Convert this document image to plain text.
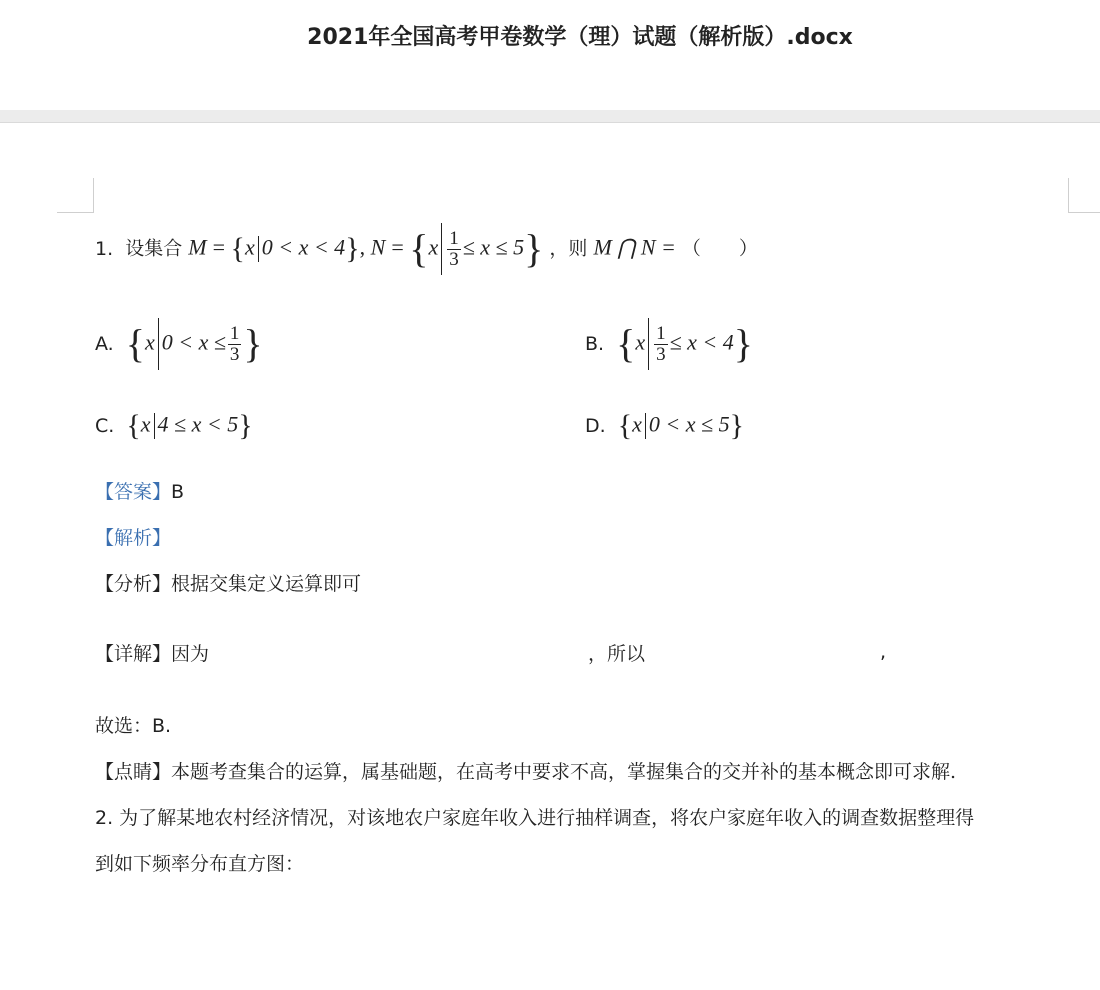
2021年全国高考甲卷数学（理）试题（解析版）.docx
1. 设集合 M = {x 0 < x < 4}, $N = \{x \frac{1}{3} \le x \le 5\}$ ，则 M ⋂ N = （　　）
A. {x $0 < x \le \frac{1}{3}$ }	B. $\{x \frac{1}{3} \le x < 4\}$
C. {x 4 ≤ x < 5}	D. {x 0 < x ≤ 5}
【答案】B
【解析】
【分析】根据交集定义运算即可
【详解】因为	，所以	,
故选：B.
【点睛】本题考查集合的运算，属基础题，在高考中要求不高，掌握集合的交并补的基本概念即可求解.
2. 为了解某地农村经济情况，对该地农户家庭年收入进行抽样调查，将农户家庭年收入的调查数据整理得
到如下频率分布直方图：
